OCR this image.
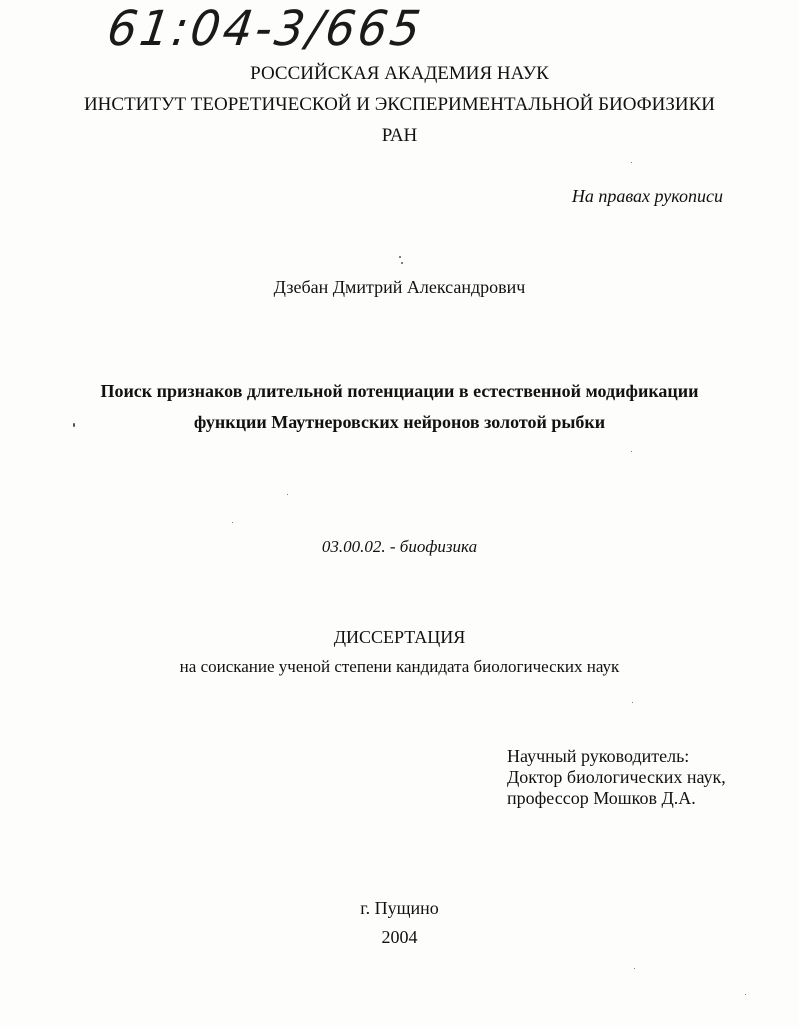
61:04-3/665
РОССИЙСКАЯ АКАДЕМИЯ НАУК
ИНСТИТУТ ТЕОРЕТИЧЕСКОЙ И ЭКСПЕРИМЕНТАЛЬНОЙ БИОФИЗИКИ
РАН
На правах рукописи
Дзебан Дмитрий Александрович
Поиск признаков длительной потенциации в естественной модификации
функции Маутнеровских нейронов золотой рыбки
03.00.02. - биофизика
ДИССЕРТАЦИЯ
на соискание ученой степени кандидата биологических наук
Научный руководитель:
Доктор биологических наук,
профессор Мошков Д.А.
г. Пущино
2004
